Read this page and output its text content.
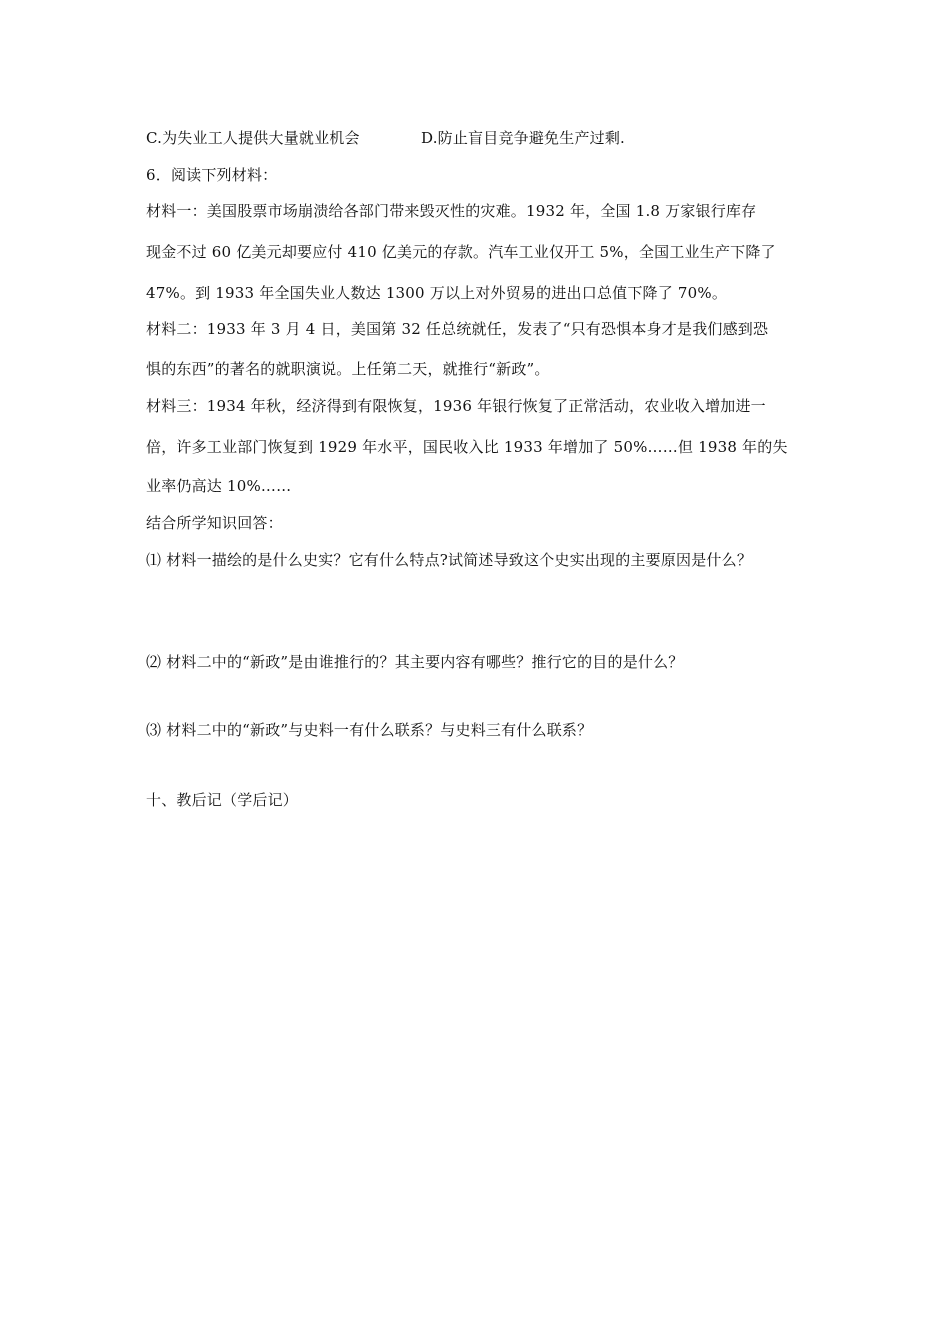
C.为失业工人提供大量就业机会	D.防止盲目竞争避免生产过剩.
6．阅读下列材料：
材料一：美国股票市场崩溃给各部门带来毁灭性的灾难。1932 年，全国 1.8 万家银行库存
现金不过 60 亿美元却要应付 410 亿美元的存款。汽车工业仅开工 5%，全国工业生产下降了
47%。到 1933 年全国失业人数达 1300 万以上对外贸易的进出口总值下降了 70%。
材料二：1933 年 3 月 4 日，美国第 32 任总统就任，发表了“只有恐惧本身才是我们感到恐
惧的东西”的著名的就职演说。上任第二天，就推行“新政”。
材料三：1934 年秋，经济得到有限恢复，1936 年银行恢复了正常活动，农业收入增加进一
倍，许多工业部门恢复到 1929 年水平，国民收入比 1933 年增加了 50%……但 1938 年的失
业率仍高达 10%……
结合所学知识回答：
⑴ 材料一描绘的是什么史实？它有什么特点?试简述导致这个史实出现的主要原因是什么？
⑵ 材料二中的“新政”是由谁推行的？其主要内容有哪些？推行它的目的是什么？
⑶ 材料二中的“新政”与史料一有什么联系？与史料三有什么联系？
十、教后记（学后记）
